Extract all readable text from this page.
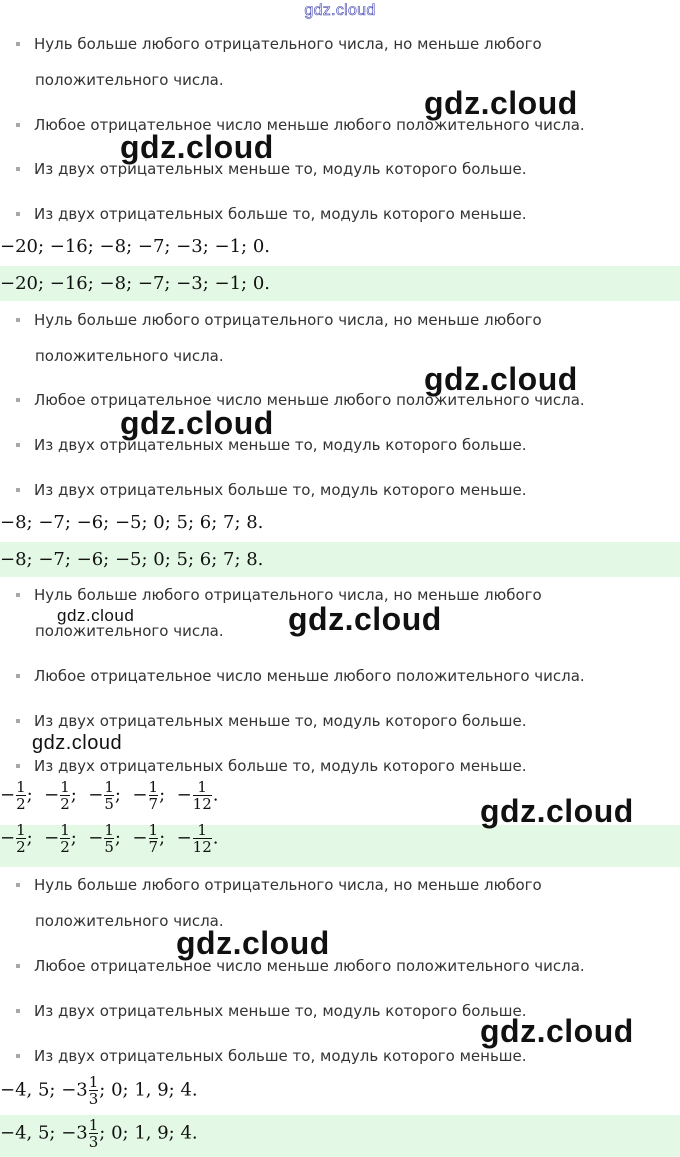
gdz.cloud
Нуль больше любого отрицательного числа, но меньше любого
положительного числа.
Любое отрицательное число меньше любого положительного числа.
Из двух отрицательных меньше то, модуль которого больше.
Из двух отрицательных больше то, модуль которого меньше.
−20; −16; −8; −7; −3; −1; 0.
−20; −16; −8; −7; −3; −1; 0.
Нуль больше любого отрицательного числа, но меньше любого
положительного числа.
Любое отрицательное число меньше любого положительного числа.
Из двух отрицательных меньше то, модуль которого больше.
Из двух отрицательных больше то, модуль которого меньше.
−8; −7; −6; −5; 0; 5; 6; 7; 8.
−8; −7; −6; −5; 0; 5; 6; 7; 8.
Нуль больше любого отрицательного числа, но меньше любого
положительного числа.
Любое отрицательное число меньше любого положительного числа.
Из двух отрицательных меньше то, модуль которого больше.
Из двух отрицательных больше то, модуль которого меньше.
− $\frac{1}{2}$ ;  − $\frac{1}{2}$ ;  − $\frac{1}{5}$ ;  − $\frac{1}{7}$ ;  − $\frac{1}{12}$ .
− $\frac{1}{2}$ ;  − $\frac{1}{2}$ ;  − $\frac{1}{5}$ ;  − $\frac{1}{7}$ ;  − $\frac{1}{12}$ .
Нуль больше любого отрицательного числа, но меньше любого
положительного числа.
Любое отрицательное число меньше любого положительного числа.
Из двух отрицательных меньше то, модуль которого больше.
Из двух отрицательных больше то, модуль которого меньше.
−4, 5; $-3 \frac{1}{3}$ ; 0; 1, 9; 4.
−4, 5; $-3 \frac{1}{3}$ ; 0; 1, 9; 4.
gdz.cloud
gdz.cloud
gdz.cloud
gdz.cloud
gdz.cloud	gdz.cloud
gdz.cloud
gdz.cloud
gdz.cloud
gdz.cloud
